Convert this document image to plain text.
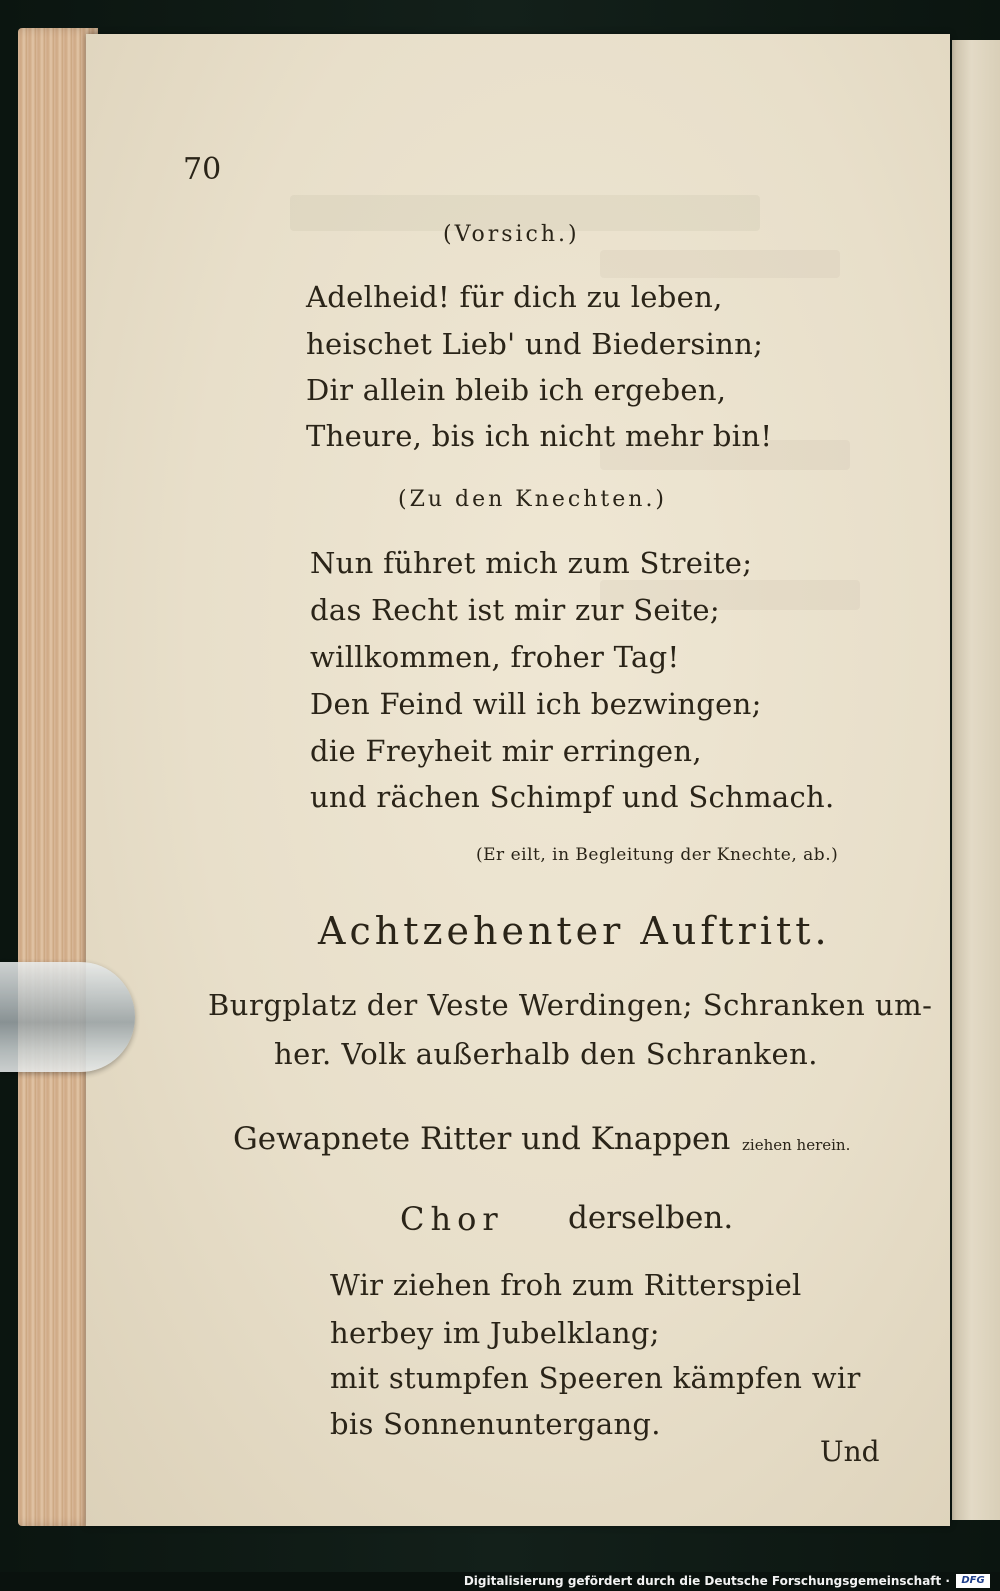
70
(Vorsich.)
Adelheid! für dich zu leben,
heischet Lieb' und Biedersinn;
Dir allein bleib ich ergeben,
Theure, bis ich nicht mehr bin!
(Zu den Knechten.)
Nun führet mich zum Streite;
das Recht ist mir zur Seite;
willkommen, froher Tag!
Den Feind will ich bezwingen;
die Freyheit mir erringen,
und rächen Schimpf und Schmach.
(Er eilt, in Begleitung der Knechte, ab.)
Achtzehenter Auftritt.
Burgplatz der Veste Werdingen; Schranken um-
her. Volk außerhalb den Schranken.
Gewapnete Ritter und Knappen ziehen herein.
Chor derselben.
Wir ziehen froh zum Ritterspiel
herbey im Jubelklang;
mit stumpfen Speeren kämpfen wir
bis Sonnenuntergang.
Und
Digitalisierung gefördert durch die Deutsche Forschungsgemeinschaft ·	DFG
